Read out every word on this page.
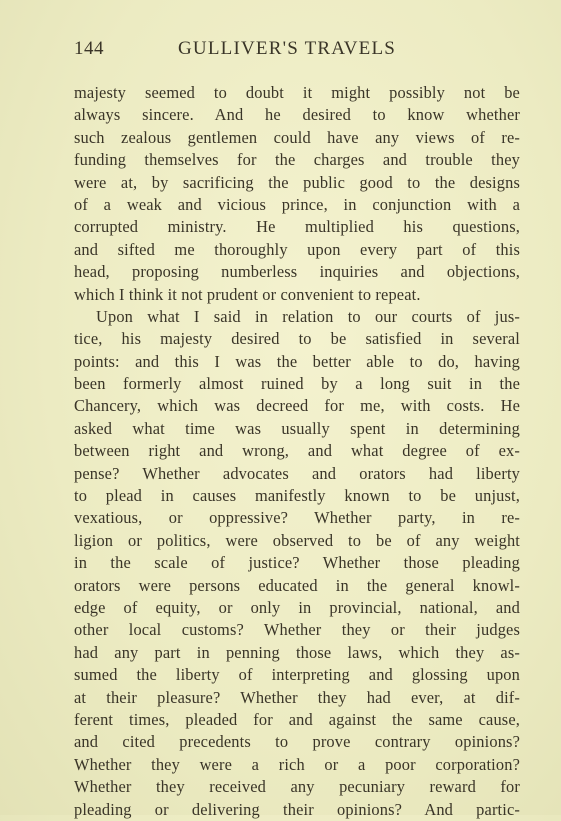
144	GULLIVER'S TRAVELS
majesty seemed to doubt it might possibly not be
always sincere. And he desired to know whether
such zealous gentlemen could have any views of re-
funding themselves for the charges and trouble they
were at, by sacrificing the public good to the designs
of a weak and vicious prince, in conjunction with a
corrupted ministry. He multiplied his questions,
and sifted me thoroughly upon every part of this
head, proposing numberless inquiries and objections,
which I think it not prudent or convenient to repeat.
Upon what I said in relation to our courts of jus-
tice, his majesty desired to be satisfied in several
points: and this I was the better able to do, having
been formerly almost ruined by a long suit in the
Chancery, which was decreed for me, with costs. He
asked what time was usually spent in determining
between right and wrong, and what degree of ex-
pense? Whether advocates and orators had liberty
to plead in causes manifestly known to be unjust,
vexatious, or oppressive? Whether party, in re-
ligion or politics, were observed to be of any weight
in the scale of justice? Whether those pleading
orators were persons educated in the general knowl-
edge of equity, or only in provincial, national, and
other local customs? Whether they or their judges
had any part in penning those laws, which they as-
sumed the liberty of interpreting and glossing upon
at their pleasure? Whether they had ever, at dif-
ferent times, pleaded for and against the same cause,
and cited precedents to prove contrary opinions?
Whether they were a rich or a poor corporation?
Whether they received any pecuniary reward for
pleading or delivering their opinions? And partic-
